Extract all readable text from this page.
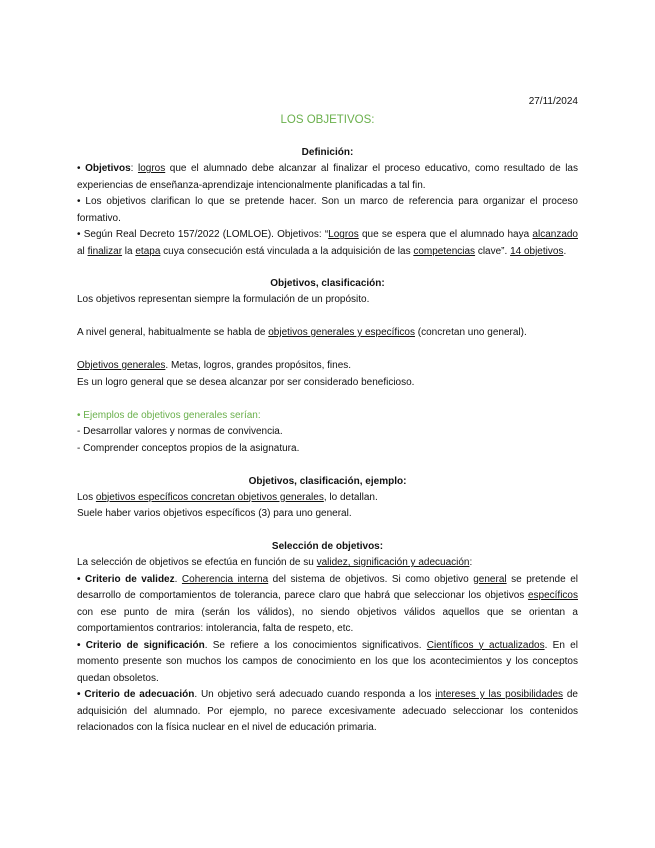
27/11/2024
LOS OBJETIVOS:
Definición:

• Objetivos: logros que el alumnado debe alcanzar al finalizar el proceso educativo, como resultado de las experiencias de enseñanza-aprendizaje intencionalmente planificadas a tal fin.

• Los objetivos clarifican lo que se pretende hacer. Son un marco de referencia para organizar el proceso formativo.

• Según Real Decreto 157/2022 (LOMLOE). Objetivos: “Logros que se espera que el alumnado haya alcanzado al finalizar la etapa cuya consecución está vinculada a la adquisición de las competencias clave”. 14 objetivos.

Objetivos, clasificación:

Los objetivos representan siempre la formulación de un propósito.

A nivel general, habitualmente se habla de objetivos generales y específicos (concretan uno general).

Objetivos generales. Metas, logros, grandes propósitos, fines.

Es un logro general que se desea alcanzar por ser considerado beneficioso.

• Ejemplos de objetivos generales serían:

- Desarrollar valores y normas de convivencia.

- Comprender conceptos propios de la asignatura.

Objetivos, clasificación, ejemplo:

Los objetivos específicos concretan objetivos generales, lo detallan.

Suele haber varios objetivos específicos (3) para uno general.

Selección de objetivos:

La selección de objetivos se efectúa en función de su validez, significación y adecuación:

• Criterio de validez. Coherencia interna del sistema de objetivos. Si como objetivo general se pretende el desarrollo de comportamientos de tolerancia, parece claro que habrá que seleccionar los objetivos específicos con ese punto de mira (serán los válidos), no siendo objetivos válidos aquellos que se orientan a comportamientos contrarios: intolerancia, falta de respeto, etc.

• Criterio de significación. Se refiere a los conocimientos significativos. Científicos y actualizados. En el momento presente son muchos los campos de conocimiento en los que los acontecimientos y los conceptos quedan obsoletos.

• Criterio de adecuación. Un objetivo será adecuado cuando responda a los intereses y las posibilidades de adquisición del alumnado. Por ejemplo, no parece excesivamente adecuado seleccionar los contenidos relacionados con la física nuclear en el nivel de educación primaria.
